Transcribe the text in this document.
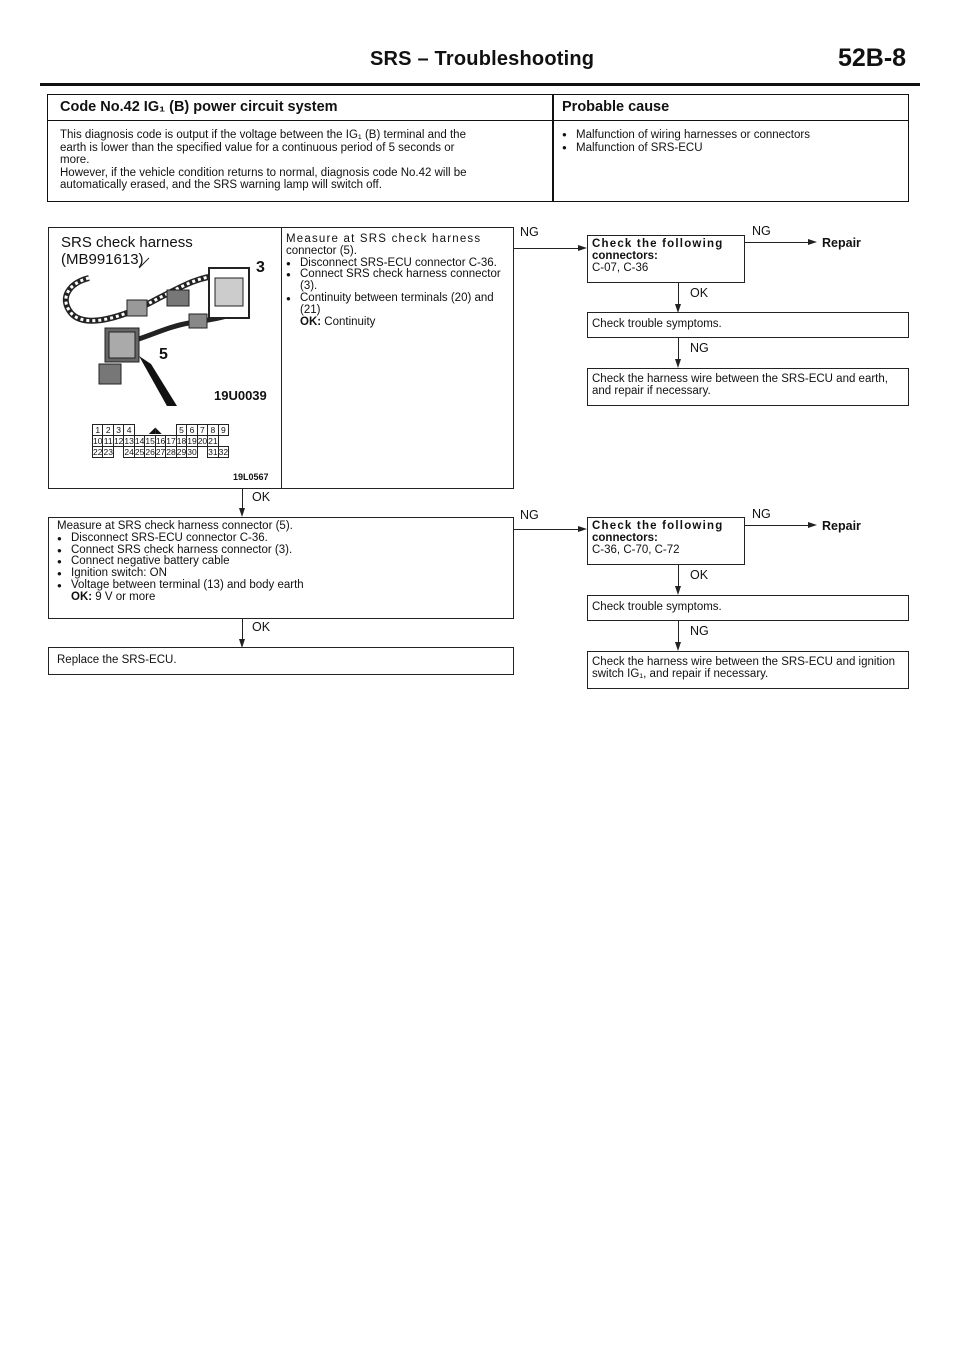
SRS – Troubleshooting	52B-8
Code No.42 IG₁ (B) power circuit system	Probable cause
This diagnosis code is output if the voltage between the IG₁ (B) terminal and the
earth is lower than the specified value for a continuous period of 5 seconds or
more.
However, if the vehicle condition returns to normal, diagnosis code No.42 will be
automatically erased, and the SRS warning lamp will switch off.
● Malfunction of wiring harnesses or connectors
● Malfunction of SRS-ECU
SRS check harness
(MB991613)	3
5
19U0039
1	2	3	4	◢◣				5	6	7	8	9
10	11	12	13	14	15	16	17	18	19	20	21	
22	23		24	25	26	27	28	29	30		31	32
19L0567
Measure at SRS check harness
connector (5).
● Disconnect SRS-ECU connector C-36.
● Connect SRS check harness connector (3).
● Continuity between terminals (20) and (21)
OK: Continuity
NG
Check the following
connectors:
C-07, C-36
NG
Repair
OK
Check trouble symptoms.
NG
Check the harness wire between the SRS-ECU and earth, and repair if necessary.
OK
Measure at SRS check harness connector (5).
● Disconnect SRS-ECU connector C-36.
● Connect SRS check harness connector (3).
● Connect negative battery cable
● Ignition switch: ON
● Voltage between terminal (13) and body earth
OK: 9 V or more
NG
Check the following
connectors:
C-36, C-70, C-72
NG
Repair
OK
Check trouble symptoms.
NG
Check the harness wire between the SRS-ECU and ignition switch IG₁, and repair if necessary.
OK
Replace the SRS-ECU.
